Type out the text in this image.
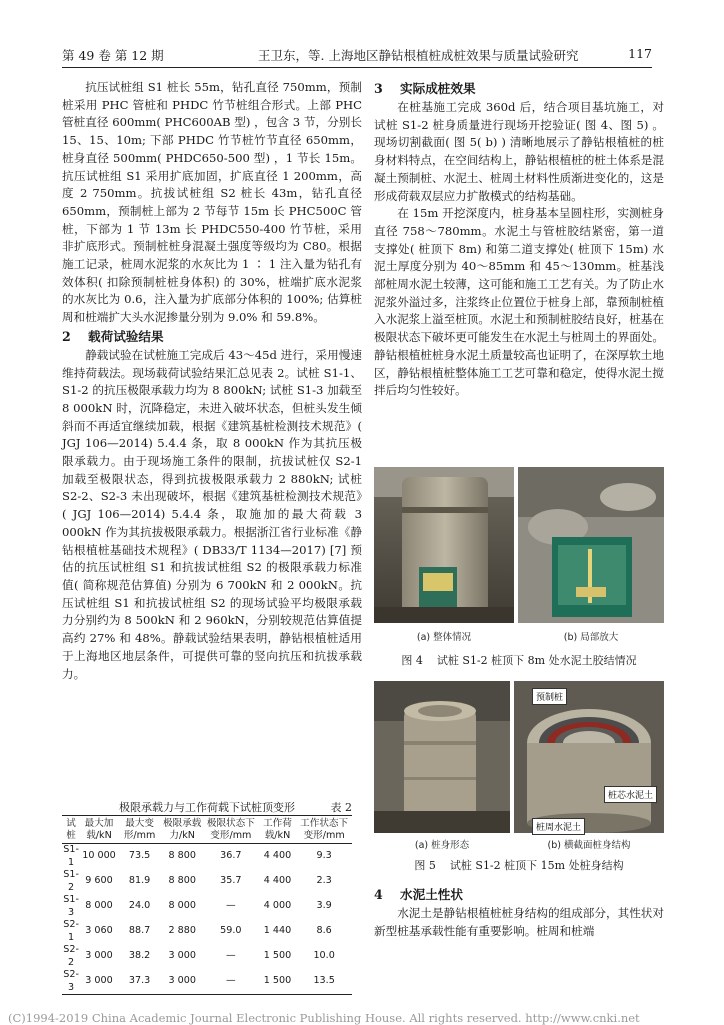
第 49 卷 第 12 期	王卫东，等. 上海地区静钻根植桩成桩效果与质量试验研究	117

抗压试桩组 S1 桩长 55m，钻孔直径 750mm，预制桩采用 PHC 管桩和 PHDC 竹节桩组合形式。上部 PHC 管桩直径 600mm( PHC600AB 型) ，包含 3 节，分别长 15、15、10m; 下部 PHDC 竹节桩竹节直径 650mm，桩身直径 500mm( PHDC650-500 型) ，1 节长 15m。抗压试桩组 S1 采用扩底加固，扩底直径 1 200mm，高度 2 750mm。抗拔试桩组 S2 桩长 43m，钻孔直径 650mm，预制桩上部为 2 节每节 15m 长 PHC500C 管桩，下部为 1 节 13m 长 PHDC550-400 竹节桩，采用非扩底形式。预制桩桩身混凝土强度等级均为 C80。根据施工记录，桩周水泥浆的水灰比为 1 ∶ 1 注入量为钻孔有效体积( 扣除预制桩桩身体积) 的 30%，桩端扩底水泥浆的水灰比为 0.6，注入量为扩底部分体积的 100%; 估算桩周和桩端扩大头水泥掺量分别为 9.0% 和 59.8%。

2 载荷试验结果

静载试验在试桩施工完成后 43～45d 进行，采用慢速维持荷载法。现场载荷试验结果汇总见表 2。试桩 S1-1、S1-2 的抗压极限承载力均为 8 800kN; 试桩 S1-3 加载至 8 000kN 时，沉降稳定，未进入破坏状态，但桩头发生倾斜而不再适宜继续加载，根据《建筑基桩检测技术规范》( JGJ 106—2014) 5.4.4 条，取 8 000kN 作为其抗压极限承载力。由于现场施工条件的限制，抗拔试桩仅 S2-1 加载至极限状态，得到抗拔极限承载力 2 880kN; 试桩 S2-2、S2-3 未出现破坏，根据《建筑基桩检测技术规范》( JGJ 106—2014) 5.4.4 条，取施加的最大荷载 3 000kN 作为其抗拔极限承载力。根据浙江省行业标准《静钻根植桩基础技术规程》( DB33/T 1134—2017) [7] 预估的抗压试桩组 S1 和抗拔试桩组 S2 的极限承载力标准值( 简称规范估算值) 分别为 6 700kN 和 2 000kN。抗压试桩组 S1 和抗拔试桩组 S2 的现场试验平均极限承载力分别约为 8 500kN 和 2 960kN，分别较规范估算值提高约 27% 和 48%。静载试验结果表明，静钻根植桩适用于上海地区地层条件，可提供可靠的竖向抗压和抗拔承载力。

极限承载力与工作荷载下试桩顶变形	表 2
试桩	最大加载/kN	最大变形/mm	极限承载力/kN	极限状态下变形/mm	工作荷载/kN	工作状态下变形/mm
S1-1	10 000	73.5	8 800	36.7	4 400	9.3
S1-2	9 600	81.9	8 800	35.7	4 400	2.3
S1-3	8 000	24.0	8 000	—	4 000	3.9
S2-1	3 060	88.7	2 880	59.0	1 440	8.6
S2-2	3 000	38.2	3 000	—	1 500	10.0
S2-3	3 000	37.3	3 000	—	1 500	13.5
3 实际成桩效果

在桩基施工完成 360d 后，结合项目基坑施工，对试桩 S1-2 桩身质量进行现场开挖验证( 图 4、图 5) 。现场切割截面( 图 5( b) ) 清晰地展示了静钻根植桩的桩身材料特点，在空间结构上，静钻根植桩的桩土体系是混凝土预制桩、水泥土、桩周土材料性质渐进变化的，这是形成荷载双层应力扩散模式的结构基础。

在 15m 开挖深度内，桩身基本呈圆柱形，实测桩身直径 758～780mm。水泥土与管桩胶结紧密，第一道支撑处( 桩顶下 8m) 和第二道支撑处( 桩顶下 15m) 水泥土厚度分别为 40～85mm 和 45～130mm。桩基浅部桩周水泥土较薄，这可能和施工工艺有关。为了防止水泥浆外溢过多，注浆终止位置位于桩身上部，靠预制桩植入水泥浆上溢至桩顶。水泥土和预制桩胶结良好，桩基在极限状态下破坏更可能发生在水泥土与桩周土的界面处。静钻根植桩桩身水泥土质量较高也证明了，在深厚软土地区，静钻根植桩整体施工工艺可靠和稳定，使得水泥土搅拌后均匀性较好。

(a) 整体情况	(b) 局部放大
图 4 试桩 S1-2 桩顶下 8m 处水泥土胶结情况
(a) 桩身形态
预制桩
桩芯水泥土
桩周水泥土
(b) 横截面桩身结构
图 5 试桩 S1-2 桩顶下 15m 处桩身结构
4 水泥土性状

水泥土是静钻根植桩桩身结构的组成部分，其性状对新型桩基承载性能有重要影响。桩周和桩端

(C)1994-2019 China Academic Journal Electronic Publishing House. All rights reserved. http://www.cnki.net
